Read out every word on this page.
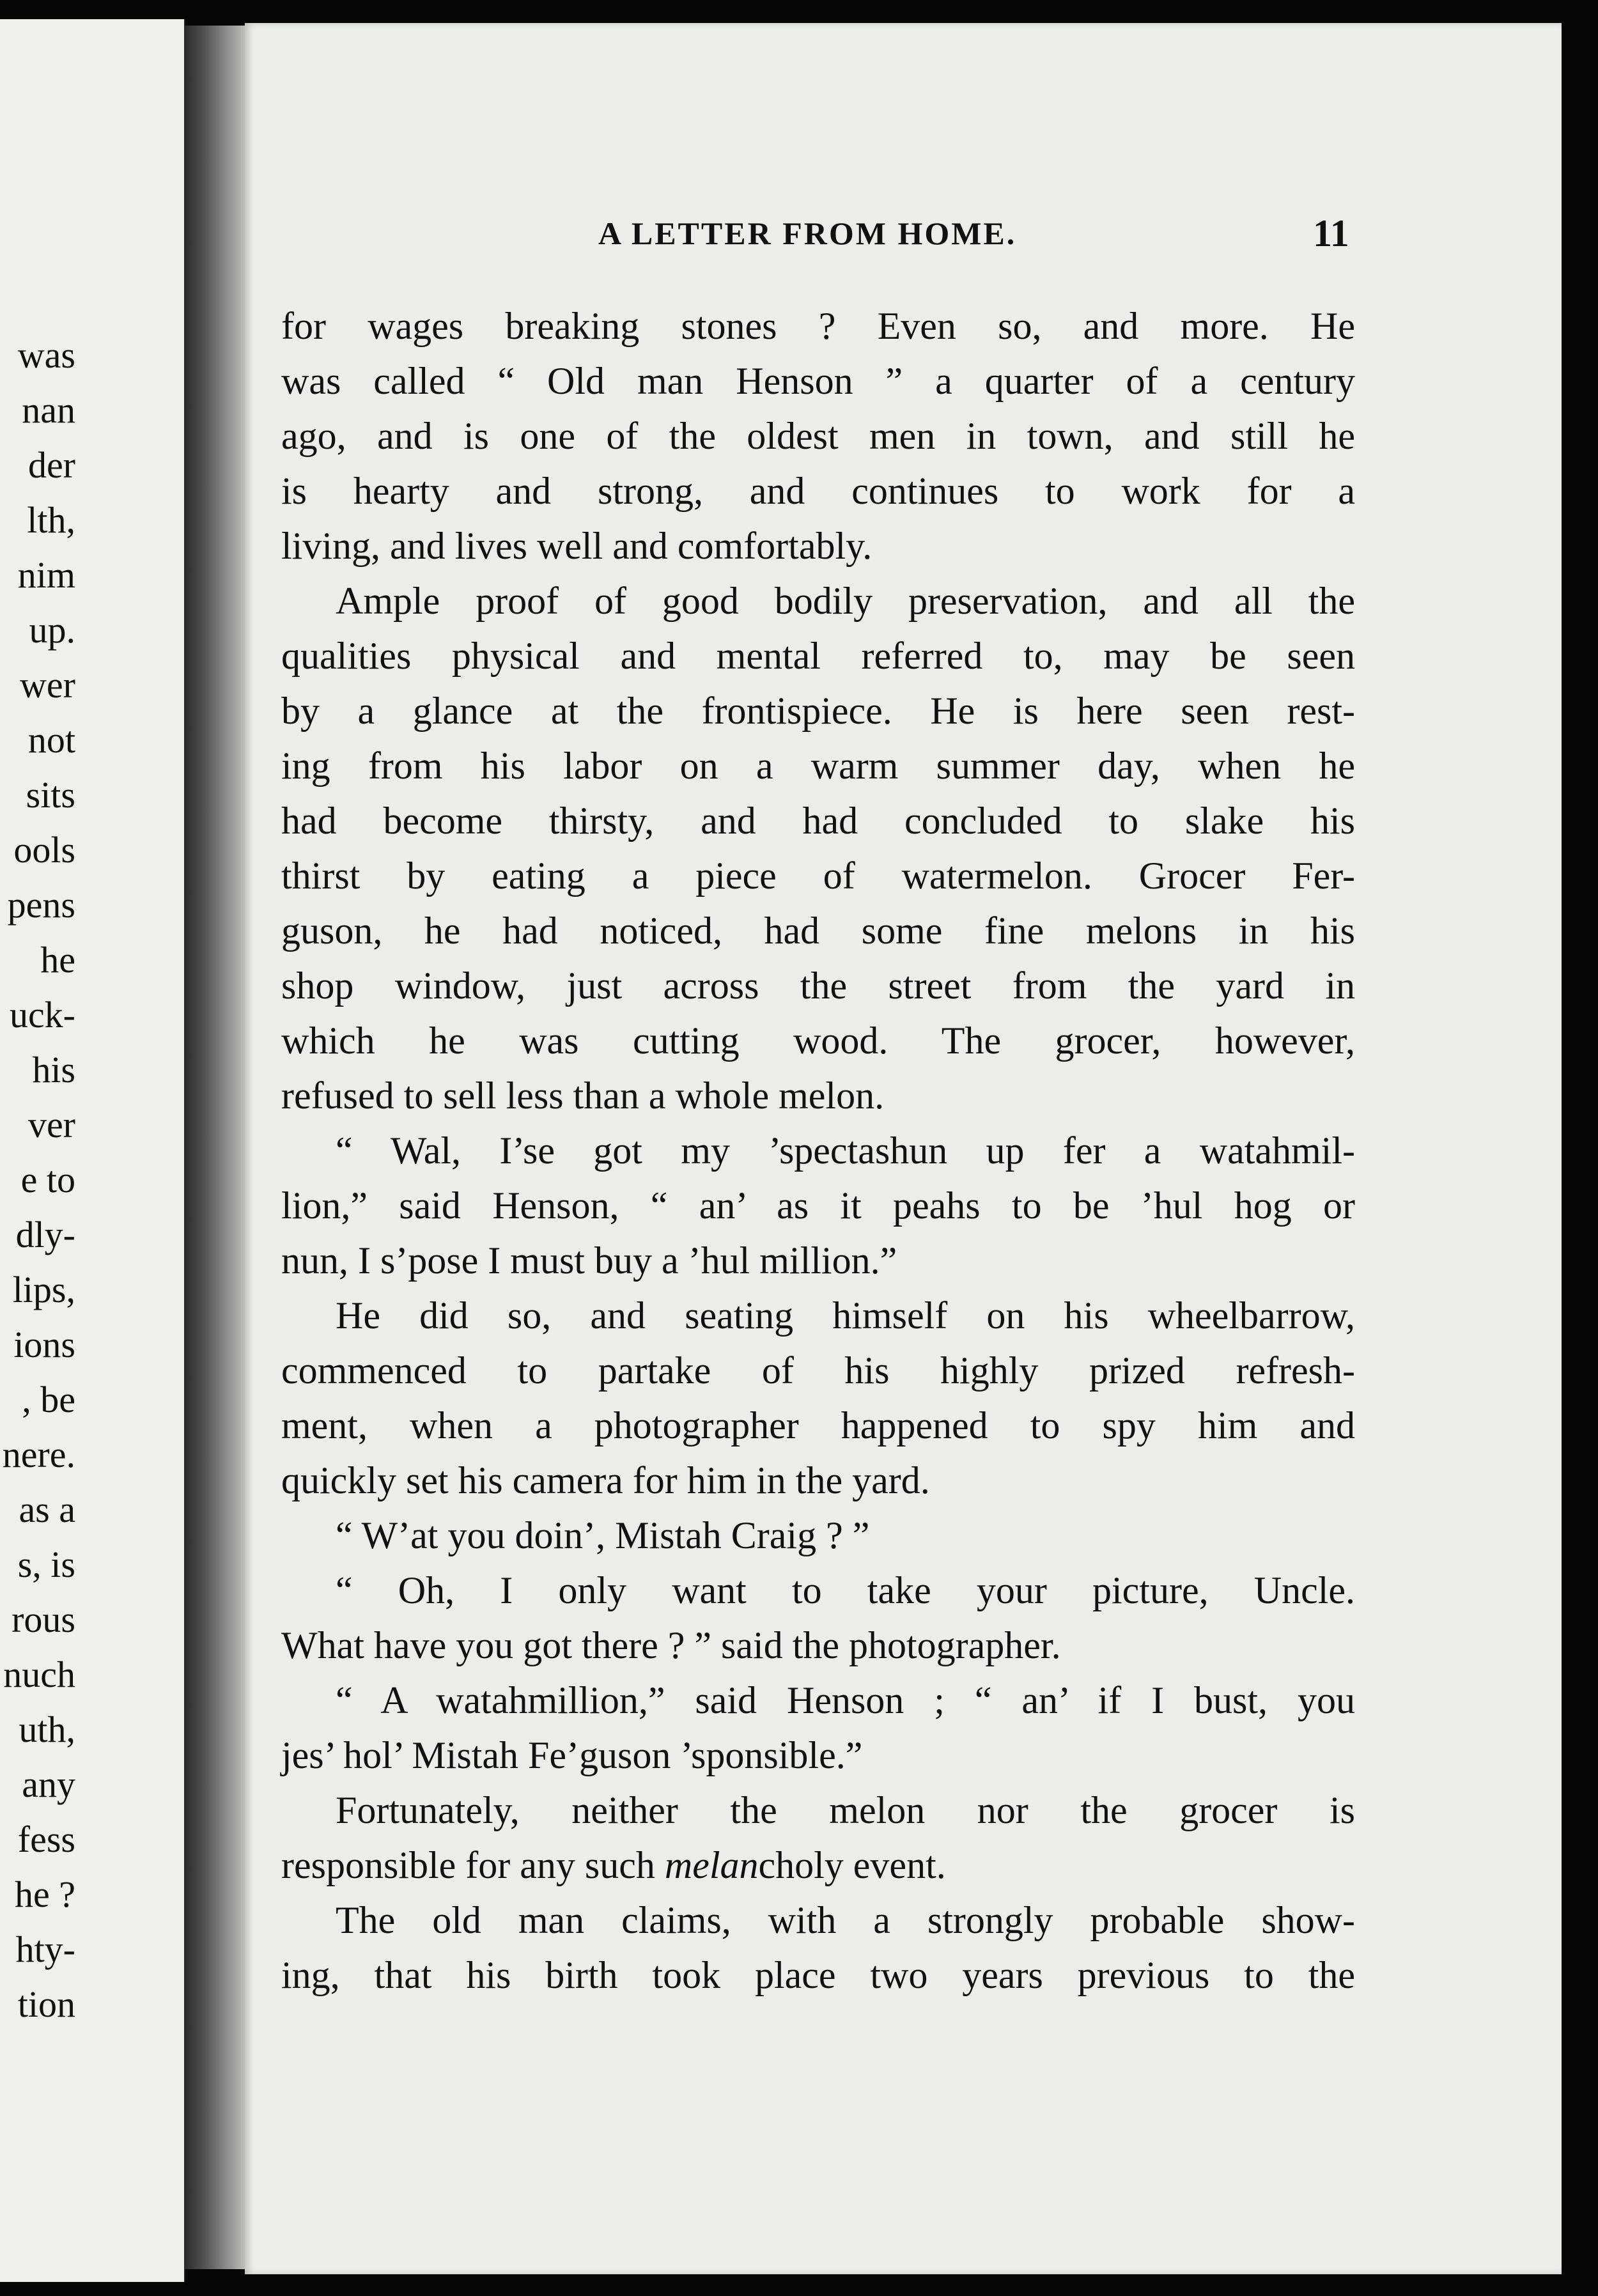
was
nan
der
lth,
nim
up.
wer
not
sits
ools
pens
he
uck-
his
ver
e to
dly-
lips,
ions
, be
nere.
as a
s, is
rous
nuch
uth,
any
fess
he ?
hty-
tion
A LETTER FROM HOME.	11
for wages breaking stones ? Even so, and more. He
was called “ Old man Henson ” a quarter of a century
ago, and is one of the oldest men in town, and still he
is hearty and strong, and continues to work for a
living, and lives well and comfortably.
Ample proof of good bodily preservation, and all the
qualities physical and mental referred to, may be seen
by a glance at the frontispiece. He is here seen rest-
ing from his labor on a warm summer day, when he
had become thirsty, and had concluded to slake his
thirst by eating a piece of watermelon. Grocer Fer-
guson, he had noticed, had some fine melons in his
shop window, just across the street from the yard in
which he was cutting wood. The grocer, however,
refused to sell less than a whole melon.
“ Wal, I’se got my ’spectashun up fer a watahmil-
lion,” said Henson, “ an’ as it peahs to be ’hul hog or
nun, I s’pose I must buy a ’hul million.”
He did so, and seating himself on his wheelbarrow,
commenced to partake of his highly prized refresh-
ment, when a photographer happened to spy him and
quickly set his camera for him in the yard.
“ W’at you doin’, Mistah Craig ? ”
“ Oh, I only want to take your picture, Uncle.
What have you got there ? ” said the photographer.
“ A watahmillion,” said Henson ; “ an’ if I bust, you
jes’ hol’ Mistah Fe’guson ’sponsible.”
Fortunately, neither the melon nor the grocer is
responsible for any such melancholy event.
The old man claims, with a strongly probable show-
ing, that his birth took place two years previous to the
